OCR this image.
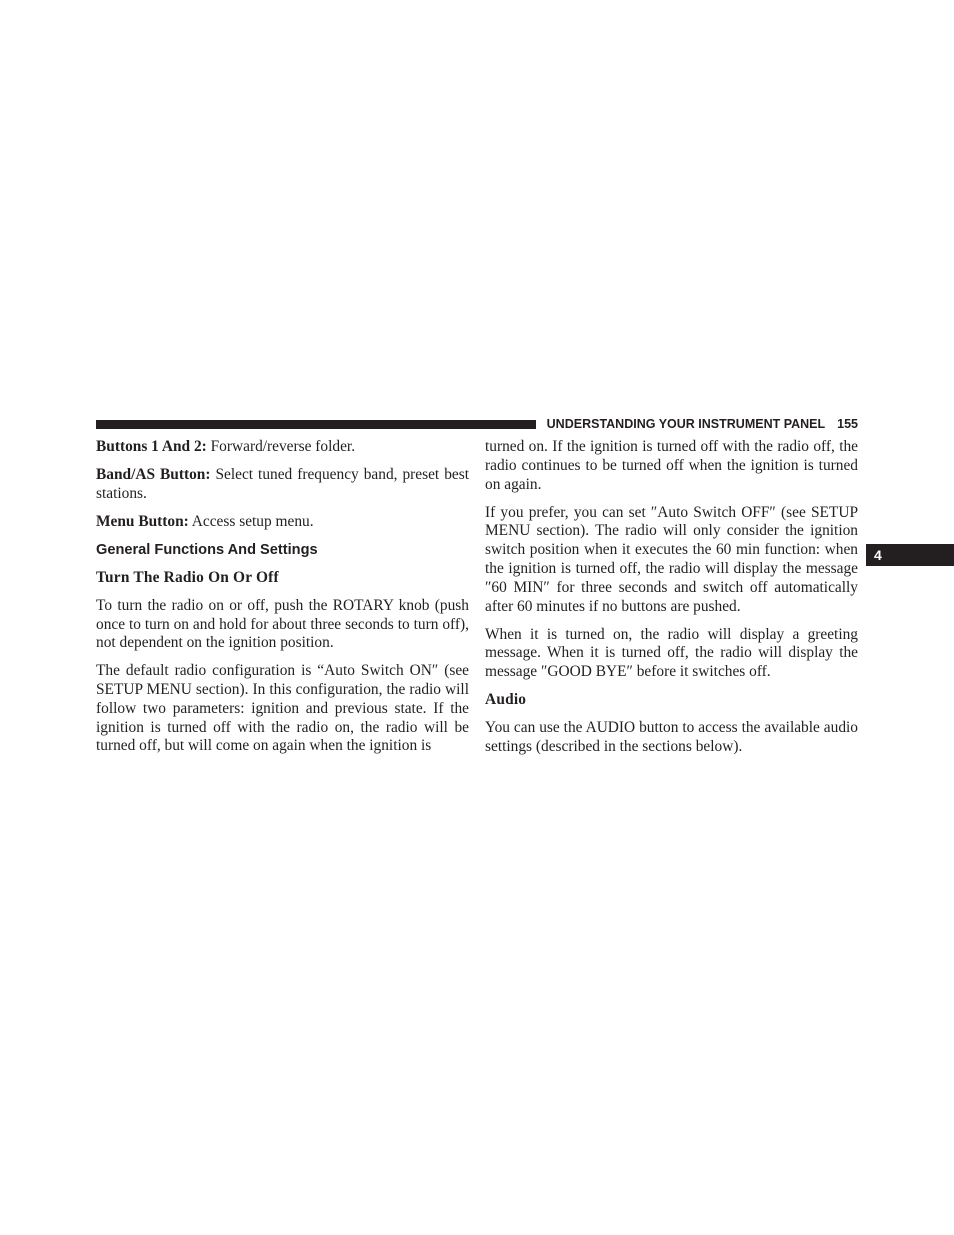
UNDERSTANDING YOUR INSTRUMENT PANEL 155
4

Buttons 1 And 2: Forward/reverse folder.

Band/AS Button: Select tuned frequency band, preset best stations.

Menu Button: Access setup menu.

General Functions And Settings
Turn The Radio On Or Off

To turn the radio on or off, push the ROTARY knob (push once to turn on and hold for about three seconds to turn off), not dependent on the ignition position.

The default radio configuration is “Auto Switch ON″ (see SETUP MENU section). In this configuration, the radio will follow two parameters: ignition and previous state. If the ignition is turned off with the radio on, the radio will be turned off, but will come on again when the ignition is

turned on. If the ignition is turned off with the radio off, the radio continues to be turned off when the ignition is turned on again.

If you prefer, you can set ″Auto Switch OFF″ (see SETUP MENU section). The radio will only consider the ignition switch position when it executes the 60 min function: when the ignition is turned off, the radio will display the message ″60 MIN″ for three seconds and switch off automatically after 60 minutes if no buttons are pushed.

When it is turned on, the radio will display a greeting message. When it is turned off, the radio will display the message ″GOOD BYE″ before it switches off.

Audio

You can use the AUDIO button to access the available audio settings (described in the sections below).
